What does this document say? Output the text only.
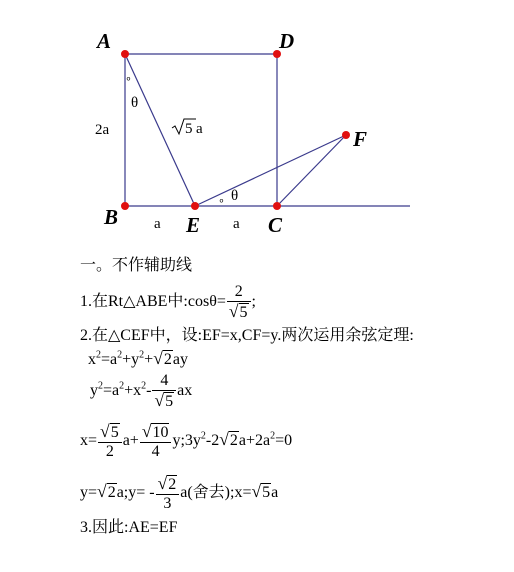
A	D
B	E	C
F
2a
θ
∘
θ
∘
a	a
5 a
一。不作辅助线
1.在Rt△ABE中:cosθ= $\frac{2}{√5}$ ;
2.在△CEF中，设:EF=x,CF=y.两次运用余弦定理:
$x^2=a^2+y^2+√2ay$
$y^2=a^2+x^2- \frac{4}{√5}$ ax
$x= \frac{√5}{2} a+ \frac{√10}{4}$ $y;3y^2-2√2a+2a^2=0$
y=√2a;y= - $\frac{√2}{3} a$(舍去);x=√5a
3.因此:AE=EF
